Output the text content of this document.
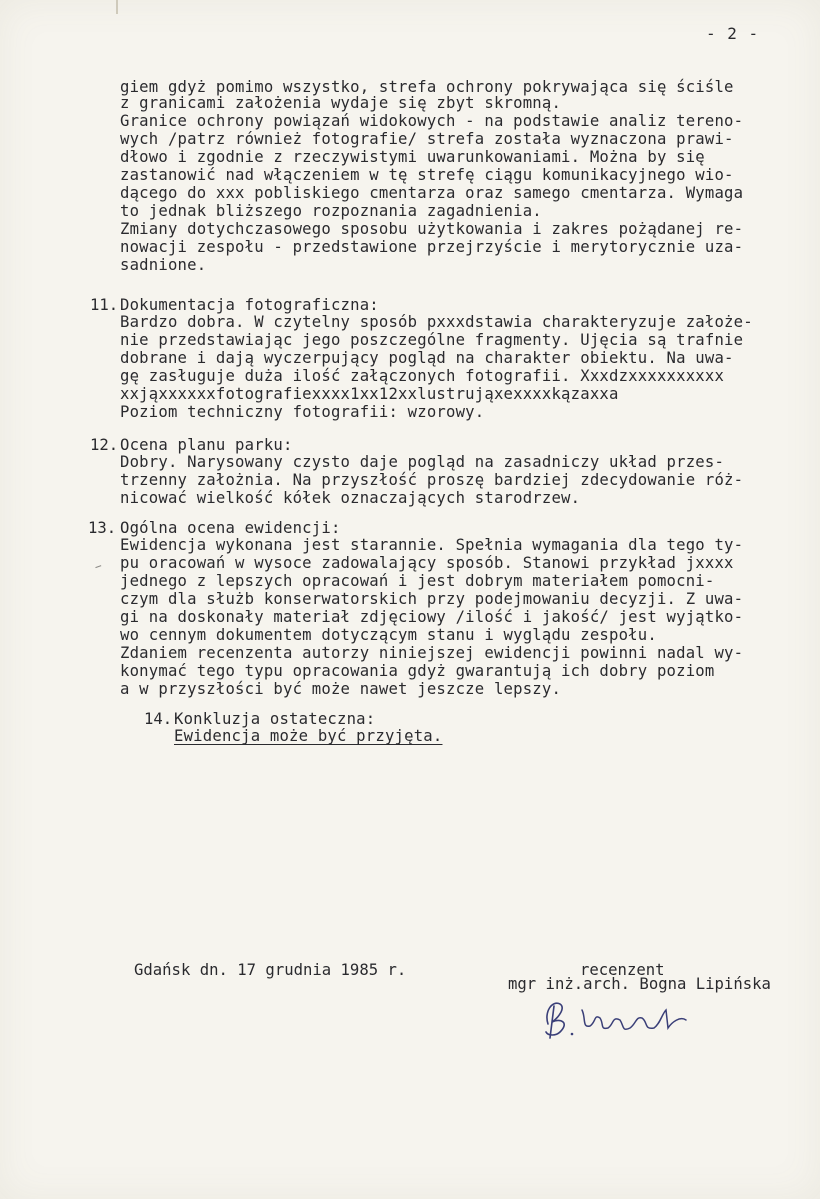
- 2 -
giem gdyż pomimo wszystko, strefa ochrony pokrywająca się ściśle
z granicami założenia wydaje się zbyt skromną.
Granice ochrony powiązań widokowych - na podstawie analiz tereno-
wych /patrz również fotografie/ strefa została wyznaczona prawi-
dłowo i zgodnie z rzeczywistymi uwarunkowaniami. Można by się
zastanowić nad włączeniem w tę strefę ciągu komunikacyjnego wio-
dącego do xxx pobliskiego cmentarza oraz samego cmentarza. Wymaga
to jednak bliższego rozpoznania zagadnienia.
Zmiany dotychczasowego sposobu użytkowania i zakres pożądanej re-
nowacji zespołu - przedstawione przejrzyście i merytorycznie uza-
sadnione.
11. Dokumentacja fotograficzna:
Bardzo dobra. W czytelny sposób pxxxdstawia charakteryzuje założe-
nie przedstawiając jego poszczególne fragmenty. Ujęcia są trafnie
dobrane i dają wyczerpujący pogląd na charakter obiektu. Na uwa-
gę zasługuje duża ilość załączonych fotografii. Xxxdzxxxxxxxxxx
xxjąxxxxxxfotografiexxxx1xx12xxlustrująxexxxxkązaxxa
Poziom techniczny fotografii: wzorowy.
12. Ocena planu parku:
Dobry. Narysowany czysto daje pogląd na zasadniczy układ przes-
trzenny założnia. Na przyszłość proszę bardziej zdecydowanie róż-
nicować wielkość kółek oznaczających starodrzew.
13. Ogólna ocena ewidencji:
Ewidencja wykonana jest starannie. Spełnia wymagania dla tego ty-
pu oracowań w wysoce zadowalający sposób. Stanowi przykład jxxxx
jednego z lepszych opracowań i jest dobrym materiałem pomocni-
czym dla służb konserwatorskich przy podejmowaniu decyzji. Z uwa-
gi na doskonały materiał zdjęciowy /ilość i jakość/ jest wyjątko-
wo cennym dokumentem dotyczącym stanu i wyglądu zespołu.
Zdaniem recenzenta autorzy niniejszej ewidencji powinni nadal wy-
konymać tego typu opracowania gdyż gwarantują ich dobry poziom
a w przyszłości być może nawet jeszcze lepszy.
14. Konkluzja ostateczna:
Ewidencja może być przyjęta.
Gdańsk dn. 17 grudnia 1985 r.	recenzent
mgr inż.arch. Bogna Lipińska
